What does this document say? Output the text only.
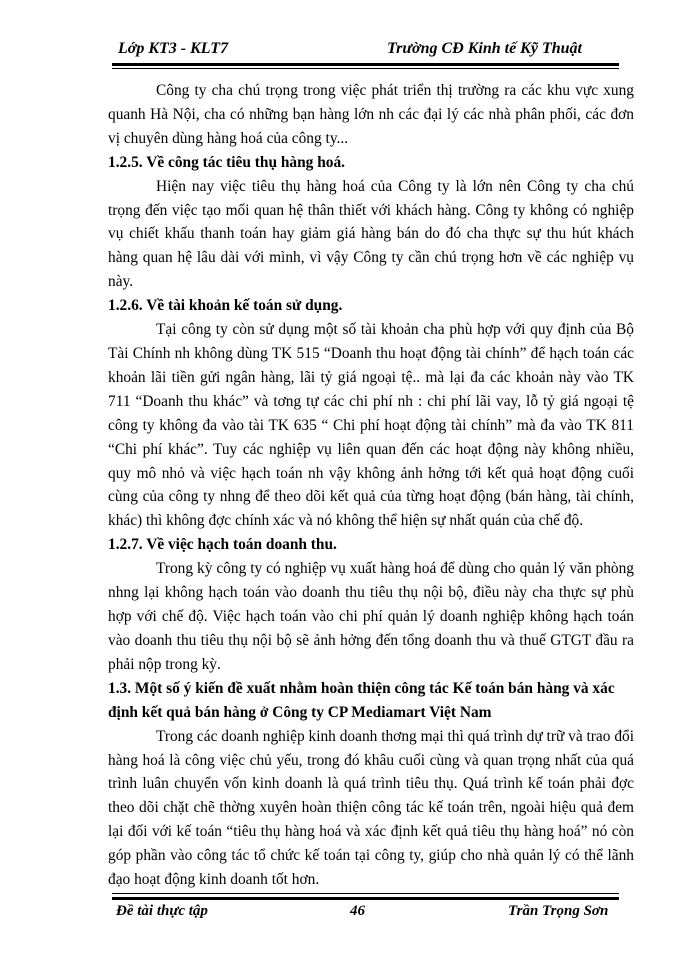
Lớp KT3 - KLT7	Trường CĐ Kinh tế Kỹ Thuật

Công ty cha chú trọng trong việc phát triển thị trường ra các khu vực xung quanh Hà Nội, cha có những bạn hàng lớn nh các đại lý các nhà phân phối, các đơn vị chuyên dùng hàng hoá của công ty...

1.2.5. Về công tác tiêu thụ hàng hoá.

Hiện nay việc tiêu thụ hàng hoá của Công ty là lớn nên Công ty cha chú trọng đến việc tạo mối quan hệ thân thiết với khách hàng. Công ty không có nghiệp vụ chiết khấu thanh toán hay giảm giá hàng bán do đó cha thực sự thu hút khách hàng quan hệ lâu dài với mình, vì vậy Công ty cần chú trọng hơn về các nghiệp vụ này.

1.2.6. Về tài khoản kế toán sử dụng.

Tại công ty còn sử dụng một số tài khoản cha phù hợp với quy định của Bộ Tài Chính nh không dùng TK 515 “Doanh thu hoạt động tài chính” để hạch toán các khoản lãi tiền gửi ngân hàng, lãi tỷ giá ngoại tệ.. mà lại đa các khoản này vào TK 711 “Doanh thu khác” và tơng tự các chi phí nh : chi phí lãi vay, lỗ tỷ giá ngoại tệ công ty không đa vào tài TK 635 “ Chi phí hoạt động tài chính” mà đa vào TK 811 “Chi phí khác”. Tuy các nghiệp vụ liên quan đến các hoạt động này không nhiều, quy mô nhỏ và việc hạch toán nh vậy không ảnh hởng tới kết quả hoạt động cuối cùng của công ty nhng để theo dõi kết quả của từng hoạt động (bán hàng, tài chính, khác) thì không đợc chính xác và nó không thể hiện sự nhất quán của chế độ.

1.2.7. Về việc hạch toán doanh thu.

Trong kỳ công ty có nghiệp vụ xuất hàng hoá để dùng cho quản lý văn phòng nhng lại không hạch toán vào doanh thu tiêu thụ nội bộ, điều này cha thực sự phù hợp với chế độ. Việc hạch toán vào chi phí quản lý doanh nghiệp không hạch toán vào doanh thu tiêu thụ nội bộ sẽ ảnh hởng đến tổng doanh thu và thuế GTGT đầu ra phải nộp trong kỳ.

1.3. Một số ý kiến đề xuất nhằm hoàn thiện công tác Kế toán bán hàng và xác định kết quả bán hàng ở Công ty CP Mediamart Việt Nam

Trong các doanh nghiệp kinh doanh thơng mại thì quá trình dự trữ và trao đổi hàng hoá là công việc chủ yếu, trong đó khâu cuối cùng và quan trọng nhất của quá trình luân chuyển vốn kinh doanh là quá trình tiêu thụ. Quá trình kế toán phải đợc theo dõi chặt chẽ thờng xuyên hoàn thiện công tác kế toán trên, ngoài hiệu quả đem lại đối với kế toán “tiêu thụ hàng hoá và xác định kết quả tiêu thụ hàng hoá” nó còn góp phần vào công tác tổ chức kế toán tại công ty, giúp cho nhà quản lý có thể lãnh đạo hoạt động kinh doanh tốt hơn.

Đề tài thực tập	46	Trần Trọng Sơn
